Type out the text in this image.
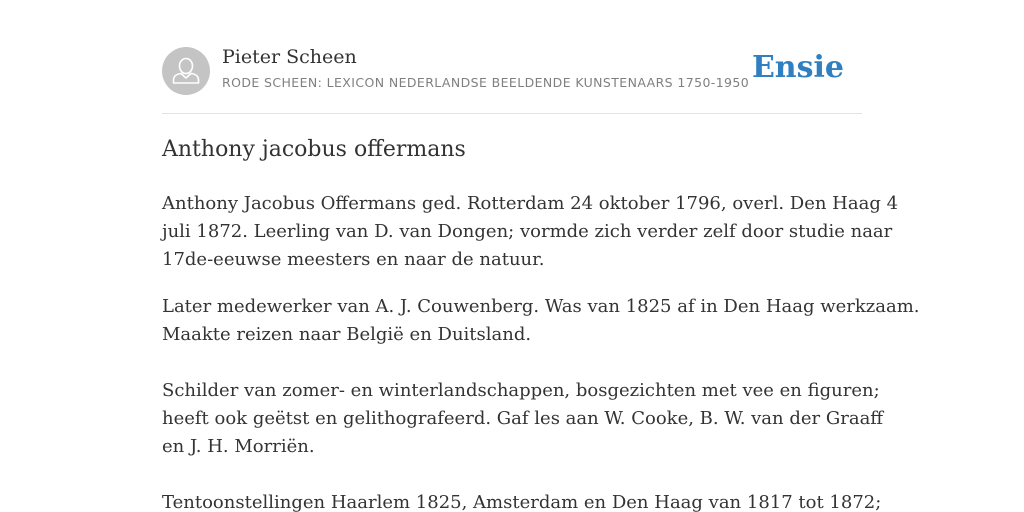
Pieter Scheen
RODE SCHEEN: LEXICON NEDERLANDSE BEELDENDE KUNSTENAARS 1750-1950 Ensie
Anthony jacobus offermans

Anthony Jacobus Offermans ged. Rotterdam 24 oktober 1796, overl. Den Haag 4
juli 1872. Leerling van D. van Dongen; vormde zich verder zelf door studie naar
17de-eeuwse meesters en naar de natuur.

Later medewerker van A. J. Couwenberg. Was van 1825 af in Den Haag werkzaam.
Maakte reizen naar België en Duitsland.
Schilder van zomer- en winterlandschappen, bosgezichten met vee en figuren;
heeft ook geëtst en gelithografeerd. Gaf les aan W. Cooke, B. W. van der Graaff
en J. H. Morriën.
Tentoonstellingen Haarlem 1825, Amsterdam en Den Haag van 1817 tot 1872;
